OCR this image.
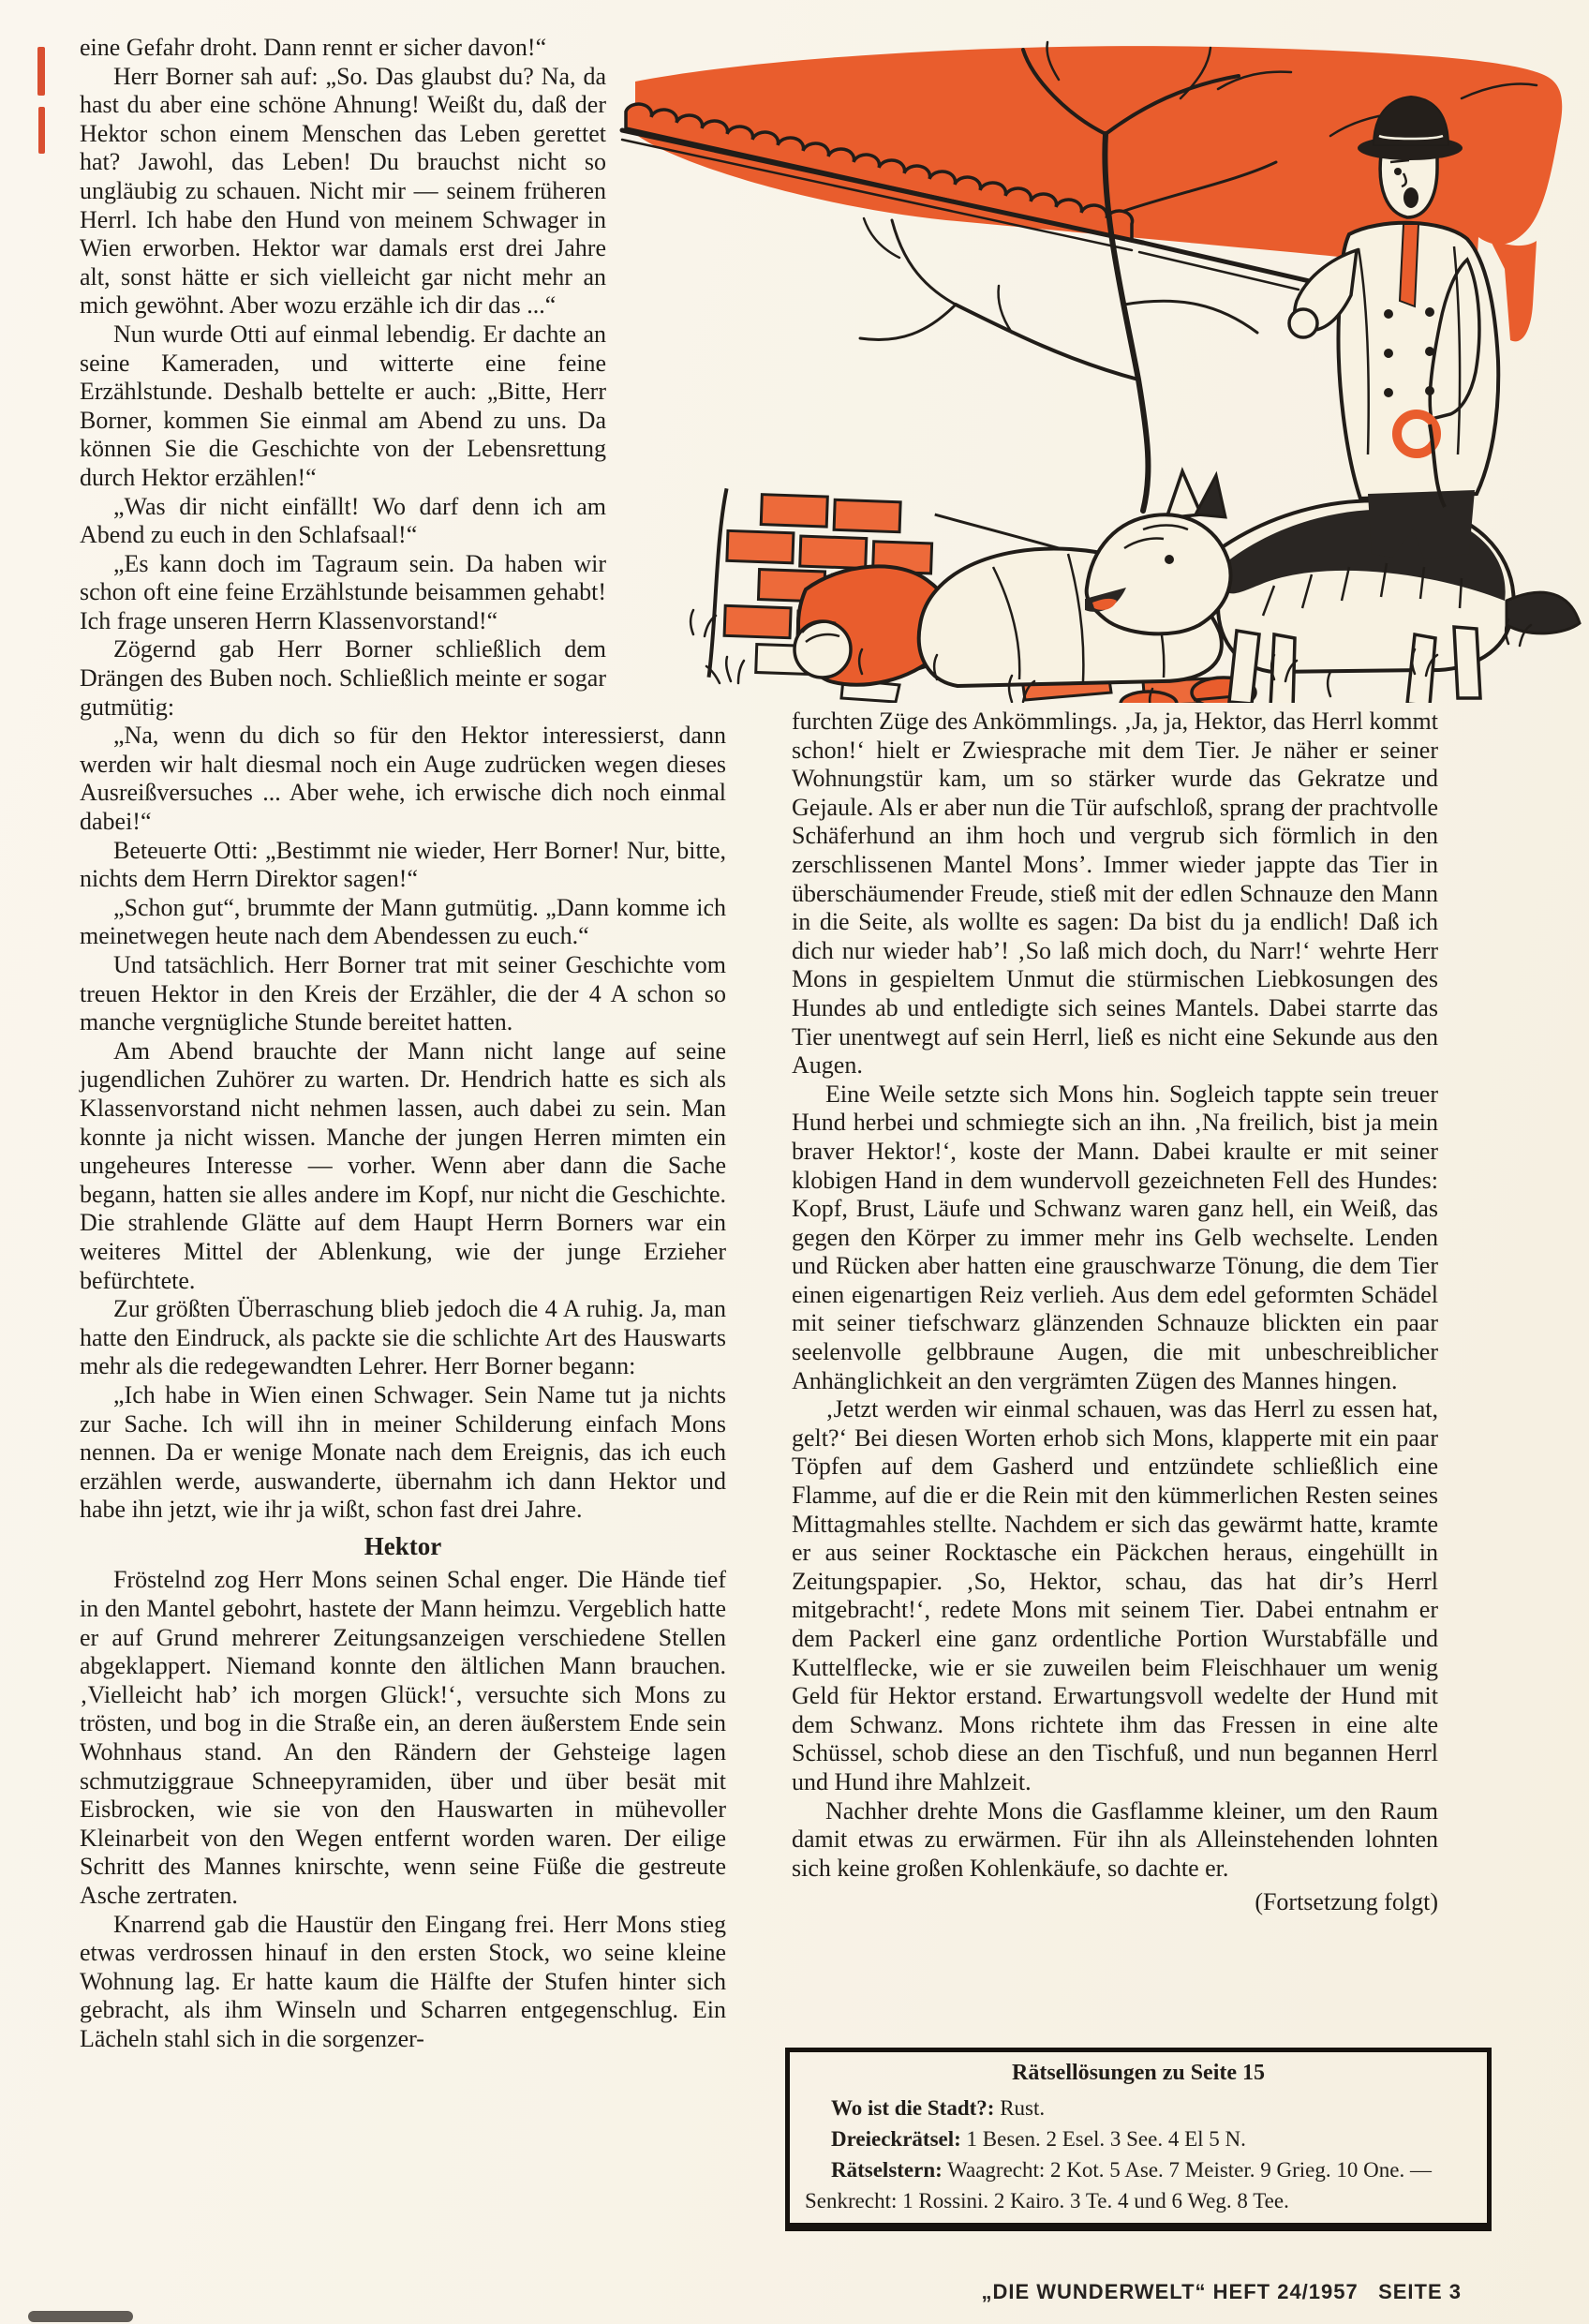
eine Gefahr droht. Dann rennt er sicher davon!“

Herr Borner sah auf: „So. Das glaubst du? Na, da hast du aber eine schöne Ahnung! Weißt du, daß der Hektor schon einem Menschen das Leben gerettet hat? Jawohl, das Leben! Du brauchst nicht so ungläubig zu schauen. Nicht mir — seinem früheren Herrl. Ich habe den Hund von meinem Schwager in Wien erworben. Hektor war damals erst drei Jahre alt, sonst hätte er sich vielleicht gar nicht mehr an mich gewöhnt. Aber wozu erzähle ich dir das ...“

Nun wurde Otti auf einmal lebendig. Er dachte an seine Kameraden, und witterte eine feine Erzählstunde. Deshalb bettelte er auch: „Bitte, Herr Borner, kommen Sie einmal am Abend zu uns. Da können Sie die Geschichte von der Lebensrettung durch Hektor erzählen!“

„Was dir nicht einfällt! Wo darf denn ich am Abend zu euch in den Schlafsaal!“

„Es kann doch im Tagraum sein. Da haben wir schon oft eine feine Erzählstunde beisammen gehabt! Ich frage unseren Herrn Klassenvorstand!“

Zögernd gab Herr Borner schließlich dem Drängen des Buben noch. Schließlich meinte er sogar gutmütig:

„Na, wenn du dich so für den Hektor interessierst, dann werden wir halt diesmal noch ein Auge zudrücken wegen dieses Ausreißversuches ... Aber wehe, ich erwische dich noch einmal dabei!“

Beteuerte Otti: „Bestimmt nie wieder, Herr Borner! Nur, bitte, nichts dem Herrn Direktor sagen!“

„Schon gut“, brummte der Mann gutmütig. „Dann komme ich meinetwegen heute nach dem Abendessen zu euch.“

Und tatsächlich. Herr Borner trat mit seiner Geschichte vom treuen Hektor in den Kreis der Erzähler, die der 4 A schon so manche vergnügliche Stunde bereitet hatten.

Am Abend brauchte der Mann nicht lange auf seine jugendlichen Zuhörer zu warten. Dr. Hendrich hatte es sich als Klassenvorstand nicht nehmen lassen, auch dabei zu sein. Man konnte ja nicht wissen. Manche der jungen Herren mimten ein ungeheures Interesse — vorher. Wenn aber dann die Sache begann, hatten sie alles andere im Kopf, nur nicht die Geschichte. Die strahlende Glätte auf dem Haupt Herrn Borners war ein weiteres Mittel der Ablenkung, wie der junge Erzieher befürchtete.

Zur größten Überraschung blieb jedoch die 4 A ruhig. Ja, man hatte den Eindruck, als packte sie die schlichte Art des Hauswarts mehr als die redegewandten Lehrer. Herr Borner begann:

„Ich habe in Wien einen Schwager. Sein Name tut ja nichts zur Sache. Ich will ihn in meiner Schilderung einfach Mons nennen. Da er wenige Monate nach dem Ereignis, das ich euch erzählen werde, auswanderte, übernahm ich dann Hektor und habe ihn jetzt, wie ihr ja wißt, schon fast drei Jahre.

Hektor

Fröstelnd zog Herr Mons seinen Schal enger. Die Hände tief in den Mantel gebohrt, hastete der Mann heimzu. Vergeblich hatte er auf Grund mehrerer Zeitungsanzeigen verschiedene Stellen abgeklappert. Niemand konnte den ältlichen Mann brauchen. ‚Vielleicht hab’ ich morgen Glück!‘, versuchte sich Mons zu trösten, und bog in die Straße ein, an deren äußerstem Ende sein Wohnhaus stand. An den Rändern der Gehsteige lagen schmutziggraue Schneepyramiden, über und über besät mit Eisbrocken, wie sie von den Hauswarten in mühevoller Kleinarbeit von den Wegen entfernt worden waren. Der eilige Schritt des Mannes knirschte, wenn seine Füße die gestreute Asche zertraten.

Knarrend gab die Haustür den Eingang frei. Herr Mons stieg etwas verdrossen hinauf in den ersten Stock, wo seine kleine Wohnung lag. Er hatte kaum die Hälfte der Stufen hinter sich gebracht, als ihm Winseln und Scharren entgegenschlug. Ein Lächeln stahl sich in die sorgenzer-

furchten Züge des Ankömmlings. ‚Ja, ja, Hektor, das Herrl kommt schon!‘ hielt er Zwiesprache mit dem Tier. Je näher er seiner Wohnungstür kam, um so stärker wurde das Gekratze und Gejaule. Als er aber nun die Tür aufschloß, sprang der prachtvolle Schäferhund an ihm hoch und vergrub sich förmlich in den zerschlissenen Mantel Mons’. Immer wieder jappte das Tier in überschäumender Freude, stieß mit der edlen Schnauze den Mann in die Seite, als wollte es sagen: Da bist du ja endlich! Daß ich dich nur wieder hab’! ‚So laß mich doch, du Narr!‘ wehrte Herr Mons in gespieltem Unmut die stürmischen Liebkosungen des Hundes ab und entledigte sich seines Mantels. Dabei starrte das Tier unentwegt auf sein Herrl, ließ es nicht eine Sekunde aus den Augen.

Eine Weile setzte sich Mons hin. Sogleich tappte sein treuer Hund herbei und schmiegte sich an ihn. ‚Na freilich, bist ja mein braver Hektor!‘, koste der Mann. Dabei kraulte er mit seiner klobigen Hand in dem wundervoll gezeichneten Fell des Hundes: Kopf, Brust, Läufe und Schwanz waren ganz hell, ein Weiß, das gegen den Körper zu immer mehr ins Gelb wechselte. Lenden und Rücken aber hatten eine grauschwarze Tönung, die dem Tier einen eigenartigen Reiz verlieh. Aus dem edel geformten Schädel mit seiner tiefschwarz glänzenden Schnauze blickten ein paar seelenvolle gelbbraune Augen, die mit unbeschreiblicher Anhänglichkeit an den vergrämten Zügen des Mannes hingen.

‚Jetzt werden wir einmal schauen, was das Herrl zu essen hat, gelt?‘ Bei diesen Worten erhob sich Mons, klapperte mit ein paar Töpfen auf dem Gasherd und entzündete schließlich eine Flamme, auf die er die Rein mit den kümmerlichen Resten seines Mittagmahles stellte. Nachdem er sich das gewärmt hatte, kramte er aus seiner Rocktasche ein Päckchen heraus, eingehüllt in Zeitungspapier. ‚So, Hektor, schau, das hat dir’s Herrl mitgebracht!‘, redete Mons mit seinem Tier. Dabei entnahm er dem Packerl eine ganz ordentliche Portion Wurstabfälle und Kuttelflecke, wie er sie zuweilen beim Fleischhauer um wenig Geld für Hektor erstand. Erwartungsvoll wedelte der Hund mit dem Schwanz. Mons richtete ihm das Fressen in eine alte Schüssel, schob diese an den Tischfuß, und nun begannen Herrl und Hund ihre Mahlzeit.

Nachher drehte Mons die Gasflamme kleiner, um den Raum damit etwas zu erwärmen. Für ihn als Alleinstehenden lohnten sich keine großen Kohlenkäufe, so dachte er.

(Fortsetzung folgt)

Rätsellösungen zu Seite 15

Wo ist die Stadt?: Rust.

Dreieckrätsel: 1 Besen. 2 Esel. 3 See. 4 El 5 N.

Rätselstern: Waagrecht: 2 Kot. 5 Ase. 7 Meister. 9 Grieg. 10 One. — Senkrecht: 1 Rossini. 2 Kairo. 3 Te. 4 und 6 Weg. 8 Tee.

„DIE WUNDERWELT“ HEFT 24/1957   SEITE 3
